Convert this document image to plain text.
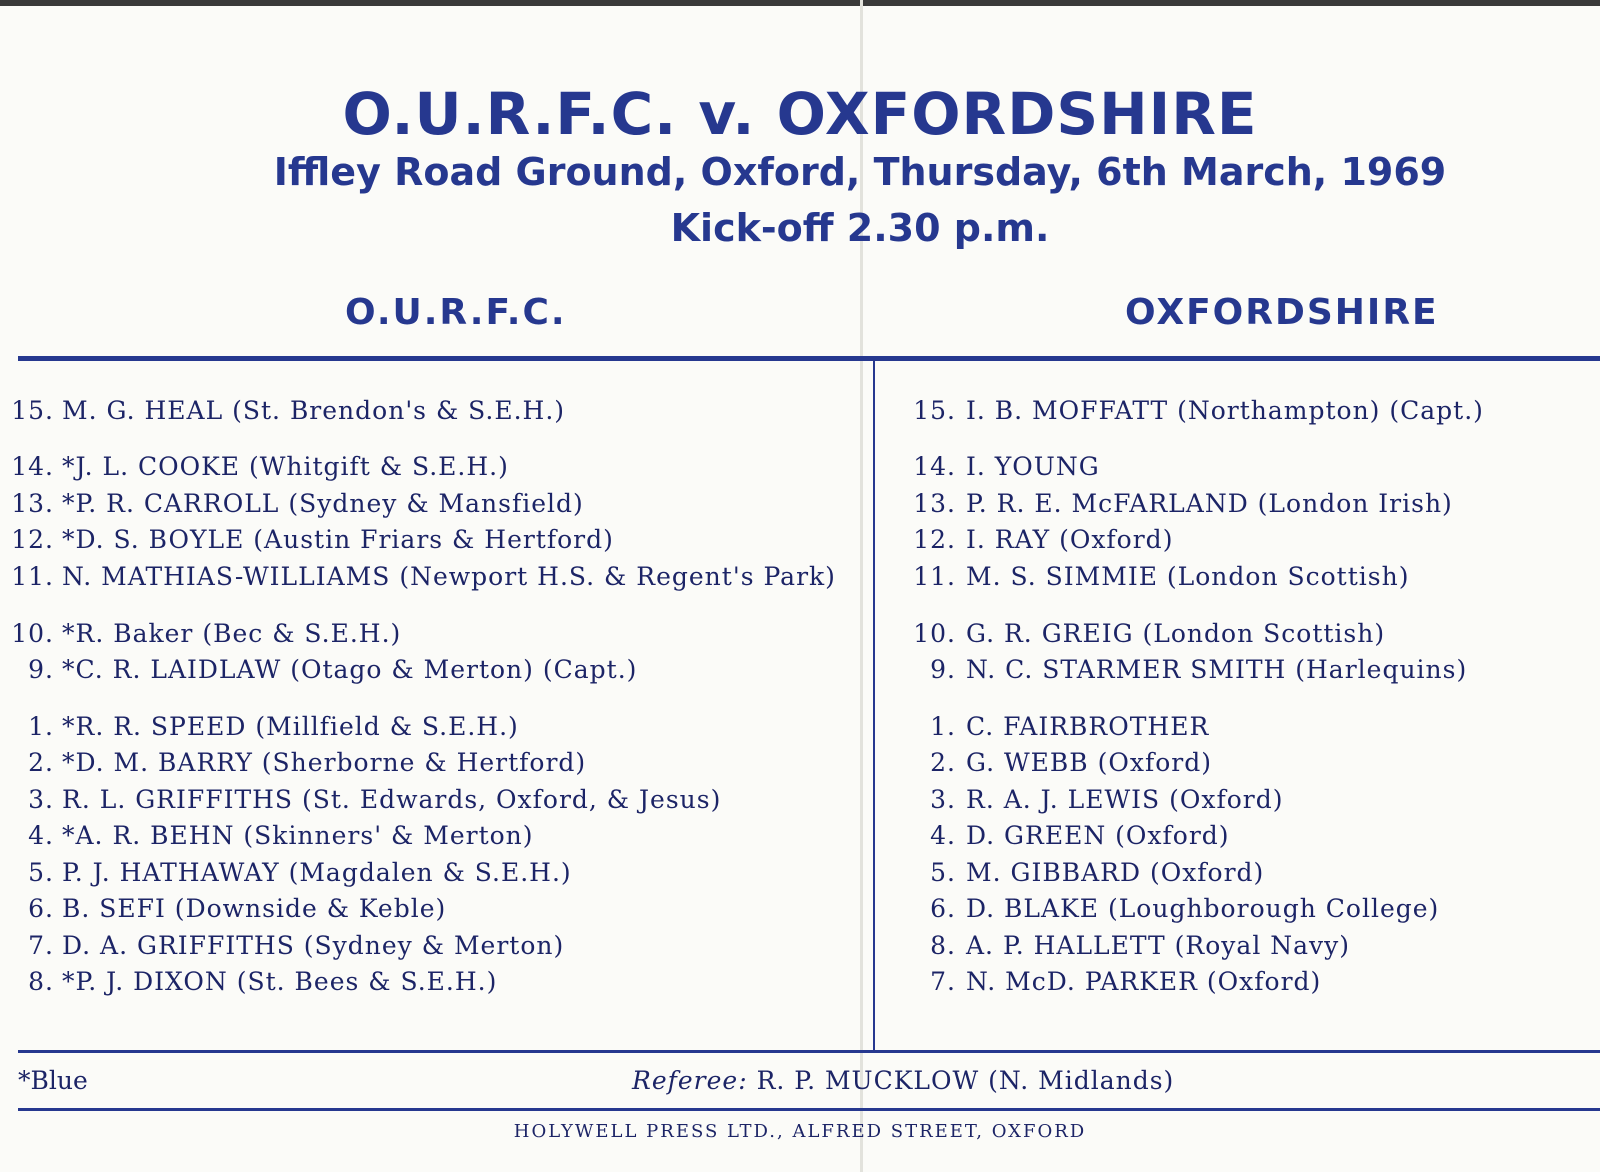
O.U.R.F.C. v. OXFORDSHIRE
Iffley Road Ground, Oxford, Thursday, 6th March, 1969
Kick-off 2.30 p.m.
O.U.R.F.C.	OXFORDSHIRE
15. M. G. HEAL (St. Brendon's & S.E.H.)
14. *J. L. COOKE (Whitgift & S.E.H.)
13. *P. R. CARROLL (Sydney & Mansfield)
12. *D. S. BOYLE (Austin Friars & Hertford)
11. N. MATHIAS-WILLIAMS (Newport H.S. & Regent's Park)
10. *R. Baker (Bec & S.E.H.)
9. *C. R. LAIDLAW (Otago & Merton) (Capt.)
1. *R. R. SPEED (Millfield & S.E.H.)
2. *D. M. BARRY (Sherborne & Hertford)
3. R. L. GRIFFITHS (St. Edwards, Oxford, & Jesus)
4. *A. R. BEHN (Skinners' & Merton)
5. P. J. HATHAWAY (Magdalen & S.E.H.)
6. B. SEFI (Downside & Keble)
7. D. A. GRIFFITHS (Sydney & Merton)
8. *P. J. DIXON (St. Bees & S.E.H.)
15. I. B. MOFFATT (Northampton) (Capt.)
14. I. YOUNG
13. P. R. E. McFARLAND (London Irish)
12. I. RAY (Oxford)
11. M. S. SIMMIE (London Scottish)
10. G. R. GREIG (London Scottish)
9. N. C. STARMER SMITH (Harlequins)
1. C. FAIRBROTHER
2. G. WEBB (Oxford)
3. R. A. J. LEWIS (Oxford)
4. D. GREEN (Oxford)
5. M. GIBBARD (Oxford)
6. D. BLAKE (Loughborough College)
8. A. P. HALLETT (Royal Navy)
7. N. McD. PARKER (Oxford)
*Blue	Referee: R. P. MUCKLOW (N. Midlands)
HOLYWELL PRESS LTD., ALFRED STREET, OXFORD
